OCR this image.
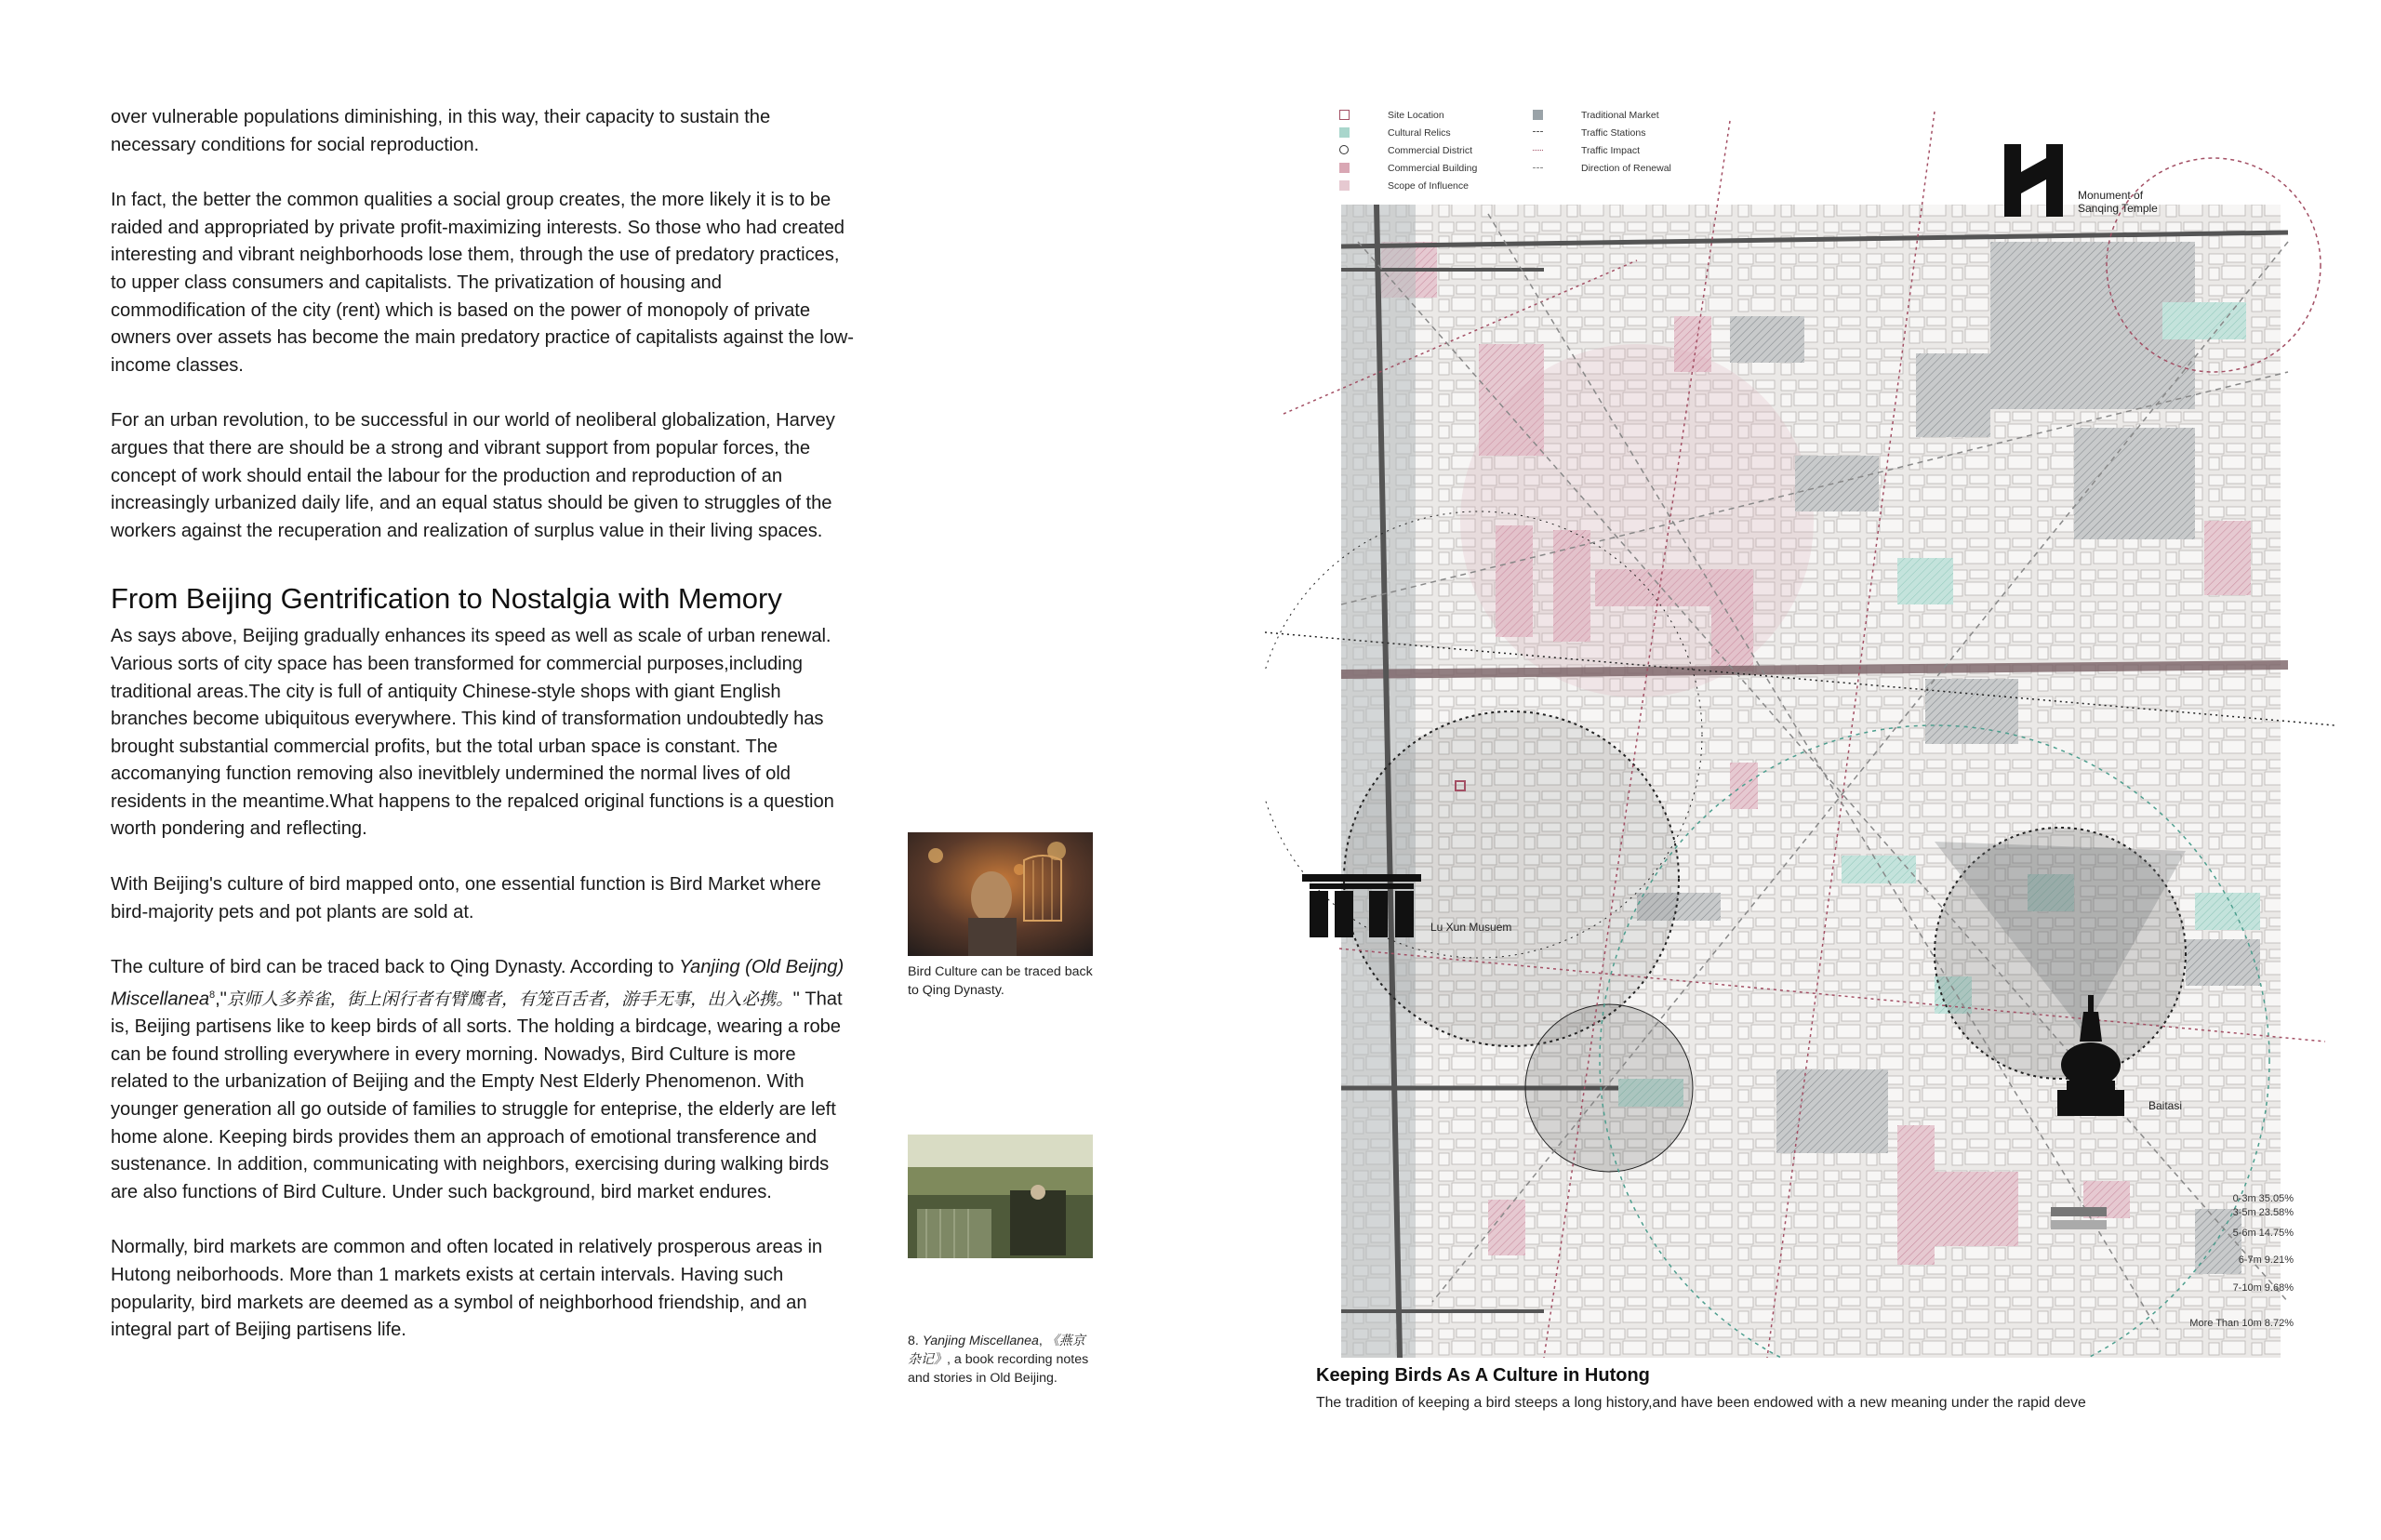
over vulnerable populations diminishing, in this way, their capacity to sustain the necessary conditions for social reproduction.

In fact, the better the common qualities a social group creates, the more likely it is to be raided and appropriated by private profit-maximizing interests. So those who had created interesting and vibrant neighborhoods lose them, through the use of predatory practices, to upper class consumers and capitalists. The privatization of housing and commodification of the city (rent) which is based on the power of monopoly of private owners over assets has become the main predatory practice of capitalists against the low-income classes.

For an urban revolution, to be successful in our world of neoliberal globalization, Harvey argues that there are should be a strong and vibrant support from popular forces, the concept of work should entail the labour for the production and reproduction of an increasingly urbanized daily life, and an equal status should be given to struggles of the workers against the recuperation and realization of surplus value in their living spaces.

From Beijing Gentrification to Nostalgia with Memory

As says above, Beijing gradually enhances its speed as well as scale of urban renewal. Various sorts of city space has been transformed for commercial purposes,including traditional areas.The city is full of antiquity Chinese-style shops with giant English branches become ubiquitous everywhere. This kind of transformation undoubtedly has brought substantial commercial profits, but the total urban space is constant. The accomanying function removing also inevitblely undermined the normal lives of old residents in the meantime.What happens to the repalced original functions is a question worth pondering and reflecting.

With Beijing's culture of bird mapped onto, one essential function is Bird Market where bird-majority pets and pot plants are sold at.

The culture of bird can be traced back to Qing Dynasty. According to Yanjing (Old Beijng) Miscellanea$^8$,"京师人多养雀，街上闲行者有臂鹰者，有笼百舌者，游手无事，出入必携。" That is, Beijing partisens like to keep birds of all sorts. The holding a birdcage, wearing a robe can be found strolling everywhere in every morning. Nowadys, Bird Culture is more related to the urbanization of Beijing and the Empty Nest Elderly Phenomenon. With younger generation all go outside of families to struggle for enteprise, the elderly are left home alone. Keeping birds provides them an approach of emotional transference and sustenance. In addition, communicating with neighbors, exercising during walking birds are also functions of Bird Culture. Under such background, bird market endures.

Normally, bird markets are common and often located in relatively prosperous areas in Hutong neiborhoods. More than 1 markets exists at certain intervals. Having such popularity, bird markets are deemed as a symbol of neighborhood friendship, and an integral part of Beijing partisens life.

Bird Culture can be traced back to Qing Dynasty.
8. Yanjing Miscellanea, 《燕京杂记》, a book recording notes and stories in Old Beijing.
Site Location
Cultural Relics
Commercial District
Commercial Building
Scope of Influence
Traditional Market
Traffic Stations
Traffic Impact
Direction of Renewal
Monument of Sanqing Temple
Lu Xun Musuem
Baitasi
0-3m 35.05%
3-5m 23.58%
5-6m 14.75%
6-7m 9.21%
7-10m 9.68%
More Than 10m 8.72%
Keeping Birds As A Culture in Hutong
The tradition of keeping a bird steeps a long history,and have been endowed with a new meaning under the rapid deve
